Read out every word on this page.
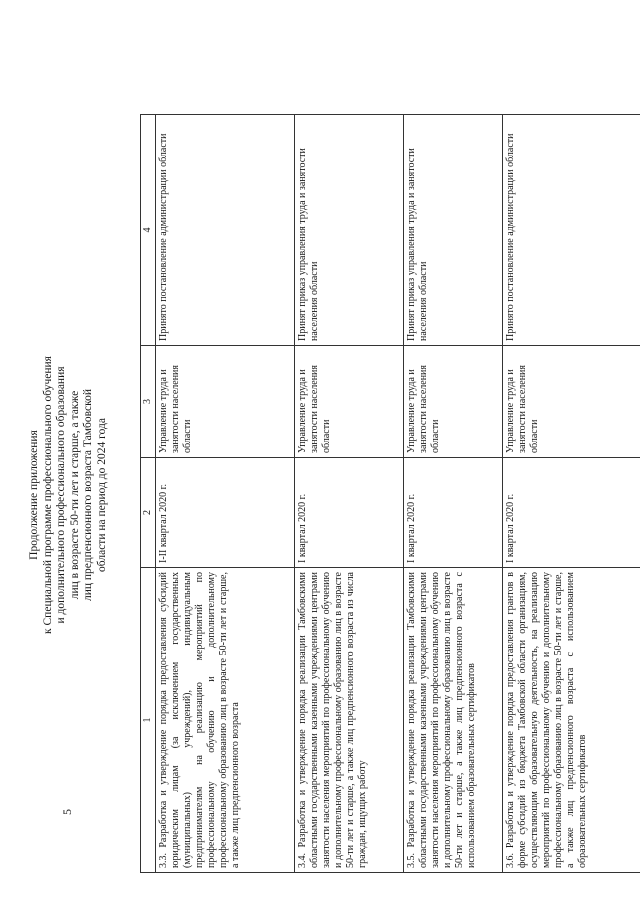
5
Продолжение приложения к Специальной программе профессионального обучения и дополнительного профессионального образования лиц в возрасте 50-ти лет и старше, а также лиц предпенсионного возраста Тамбовской области на период до 2024 года
1	2	3	4
3.3. Разработка и утверждение порядка предоставления субсидий юридическим лицам (за исключением государственных (муниципальных) учреждений), индивидуальным предпринимателям на реализацию мероприятий по профессиональному обучению и дополнительному профессиональному образованию лиц в возрасте 50-ти лет и старше, а также лиц предпенсионного возраста	I-II квартал 2020 г.	Управление труда и занятости населения области	Принято постановление администрации области
3.4. Разработка и утверждение порядка реализации Тамбовскими областными государственными казенными учреждениями центрами занятости населения мероприятий по профессиональному обучению и дополнительному профессиональному образованию лиц в возрасте 50-ти лет и старше, а также лиц предпенсионного возраста из числа граждан, ищущих работу	I квартал 2020 г.	Управление труда и занятости населения области	Принят приказ управления труда и занятости населения области
3.5. Разработка и утверждение порядка реализации Тамбовскими областными государственными казенными учреждениями центрами занятости населения мероприятий по профессиональному обучению и дополнительному профессиональному образованию лиц в возрасте 50-ти лет и старше, а также лиц предпенсионного возраста с использованием образовательных сертификатов	I квартал 2020 г.	Управление труда и занятости населения области	Принят приказ управления труда и занятости населения области
3.6. Разработка и утверждение порядка предоставления грантов в форме субсидий из бюджета Тамбовской области организациям, осуществляющим образовательную деятельность, на реализацию мероприятий по профессиональному обучению и дополнительному профессиональному образованию лиц в возрасте 50-ти лет и старше, а также лиц предпенсионного возраста с использованием образовательных сертификатов	I квартал 2020 г.	Управление труда и занятости населения области	Принято постановление администрации области
